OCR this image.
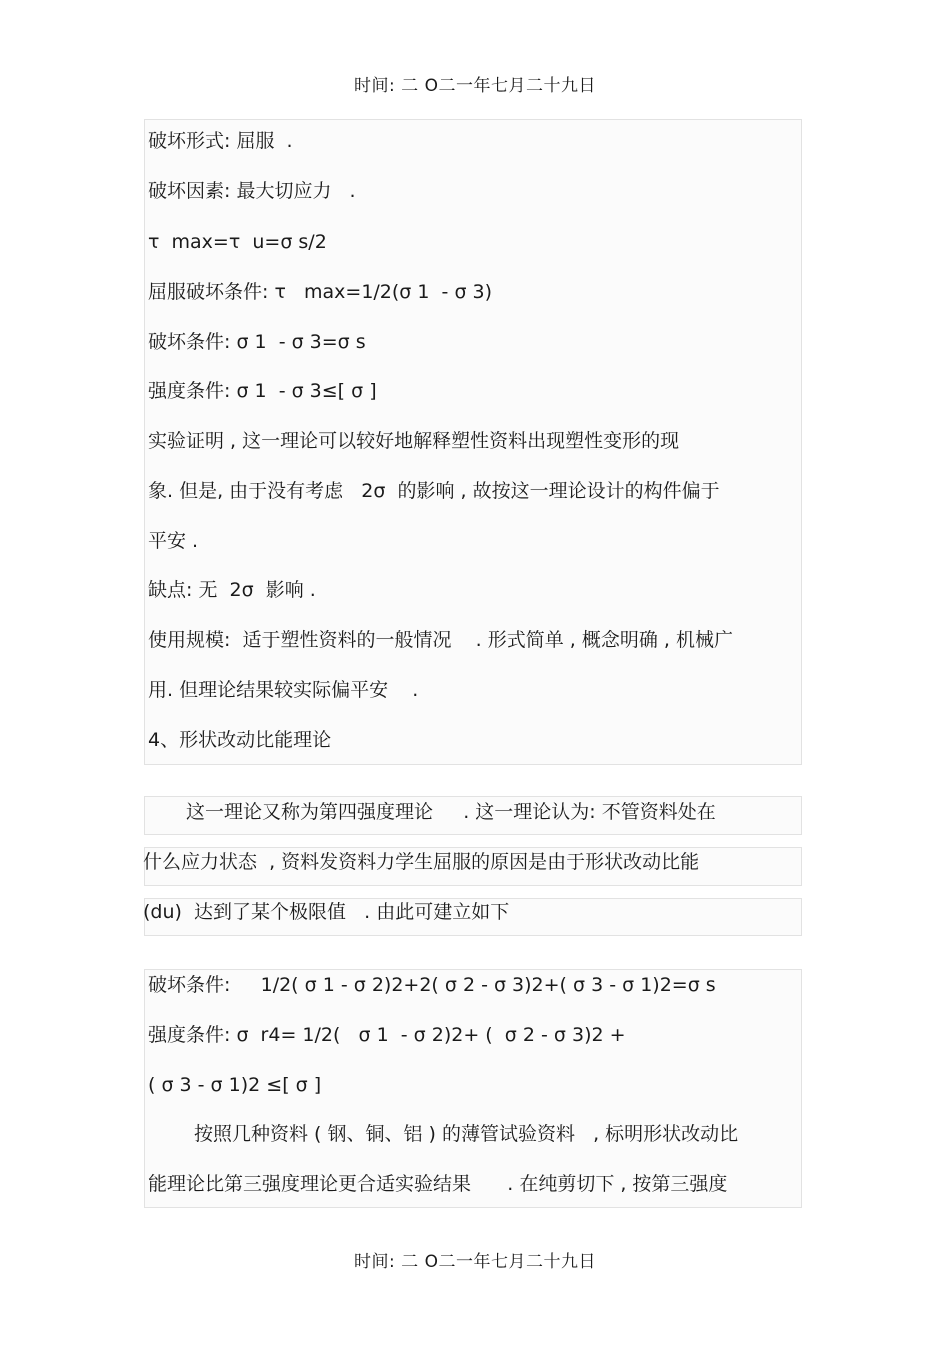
时间: 二 O二一年七月二十九日
破坏形式: 屈服  .
破坏因素: 最大切应力   .
τ  max=τ  u=σ s/2
屈服破坏条件: τ   max=1/2(σ 1  - σ 3)
破坏条件: σ 1  - σ 3=σ s
强度条件: σ 1  - σ 3≤[ σ ]
实验证明 , 这一理论可以较好地解释塑性资料出现塑性变形的现
象. 但是, 由于没有考虑   2σ  的影响 , 故按这一理论设计的构件偏于
平安 .
缺点: 无  2σ  影响 .
使用规模:  适于塑性资料的一般情况    . 形式简单 , 概念明确 , 机械广
用. 但理论结果较实际偏平安    .
4、形状改动比能理论
这一理论又称为第四强度理论     . 这一理论认为: 不管资料处在
什么应力状态  , 资料发资料力学生屈服的原因是由于形状改动比能
(du)  达到了某个极限值   . 由此可建立如下
破坏条件:     1/2( σ 1 - σ 2)2+2( σ 2 - σ 3)2+( σ 3 - σ 1)2=σ s
强度条件: σ  r4= 1/2(   σ 1  - σ 2)2+ (  σ 2 - σ 3)2 +
( σ 3 - σ 1)2 ≤[ σ ]
按照几种资料 ( 钢、铜、铝 ) 的薄管试验资料   , 标明形状改动比
能理论比第三强度理论更合适实验结果      . 在纯剪切下 , 按第三强度
时间: 二 O二一年七月二十九日
